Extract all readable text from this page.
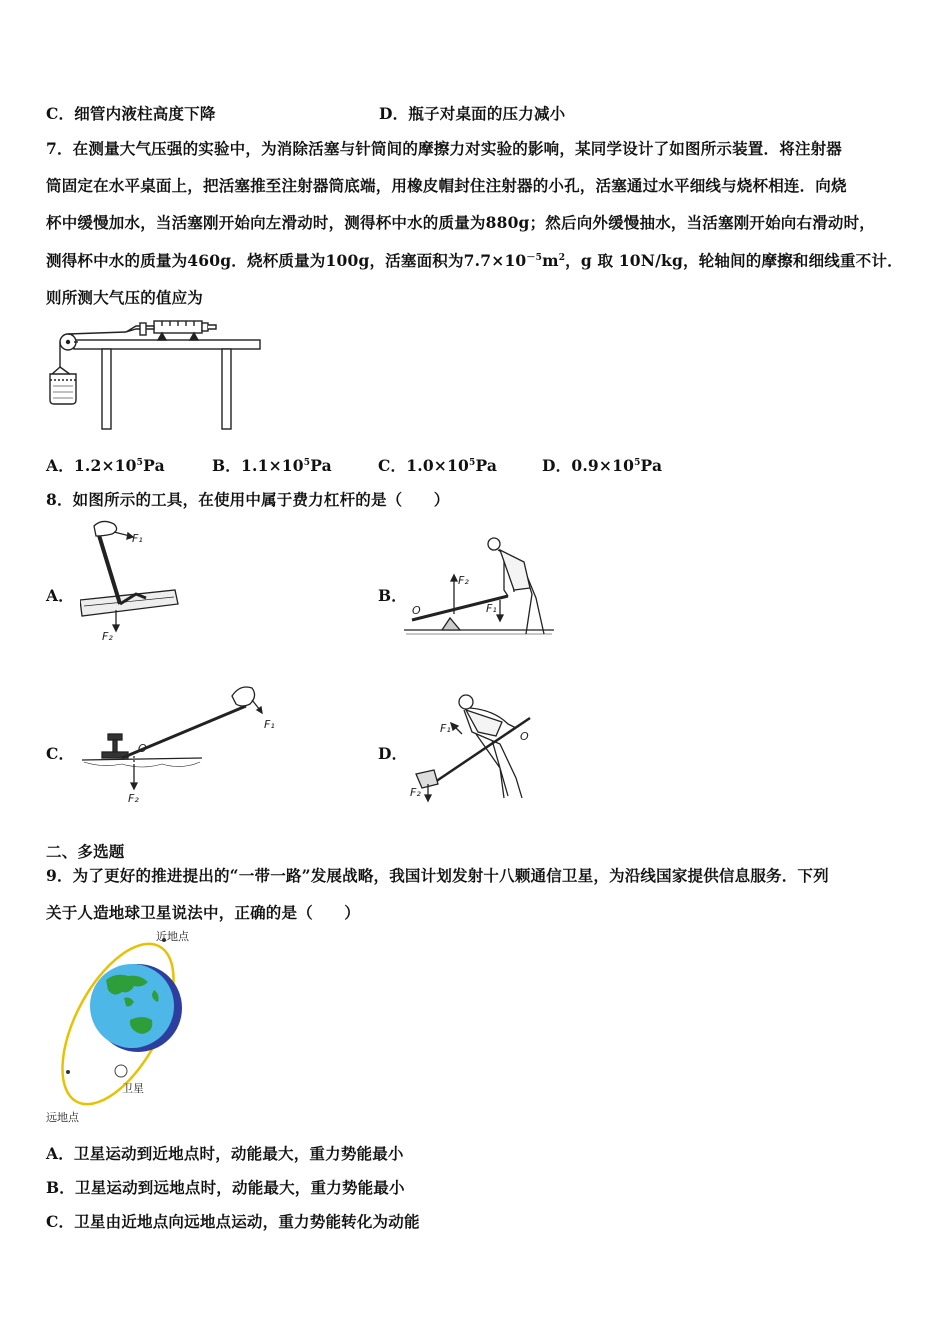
C．细管内液柱高度下降	D．瓶子对桌面的压力减小
7．在测量大气压强的实验中，为消除活塞与针筒间的摩擦力对实验的影响，某同学设计了如图所示装置．将注射器
筒固定在水平桌面上，把活塞推至注射器筒底端，用橡皮帽封住注射器的小孔，活塞通过水平细线与烧杯相连．向烧
杯中缓慢加水，当活塞刚开始向左滑动时，测得杯中水的质量为880g；然后向外缓慢抽水，当活塞刚开始向右滑动时，
测得杯中水的质量为460g．烧杯质量为100g，活塞面积为$7.7\times 10^{-5}m^2$，g 取 10N/kg，轮轴间的摩擦和细线重不计．
则所测大气压的值应为
A．$1.2\times 10^5Pa$	B．$1.1\times 10^5Pa$	C．$1.0\times 10^5Pa$	D．$0.9\times 10^5Pa$
8．如图所示的工具，在使用中属于费力杠杆的是（　　）
A．
F₁
F₂
B．
F₂
O	F₁
C．	O
F₁
F₂
D．
F₁
O
F₂
二、多选题
9．为了更好的推进提出的“一带一路”发展战略，我国计划发射十八颗通信卫星，为沿线国家提供信息服务．下列
关于人造地球卫星说法中，正确的是（　　）
近地点
远地点
卫星
A．卫星运动到近地点时，动能最大，重力势能最小
B．卫星运动到远地点时，动能最大，重力势能最小
C．卫星由近地点向远地点运动，重力势能转化为动能
